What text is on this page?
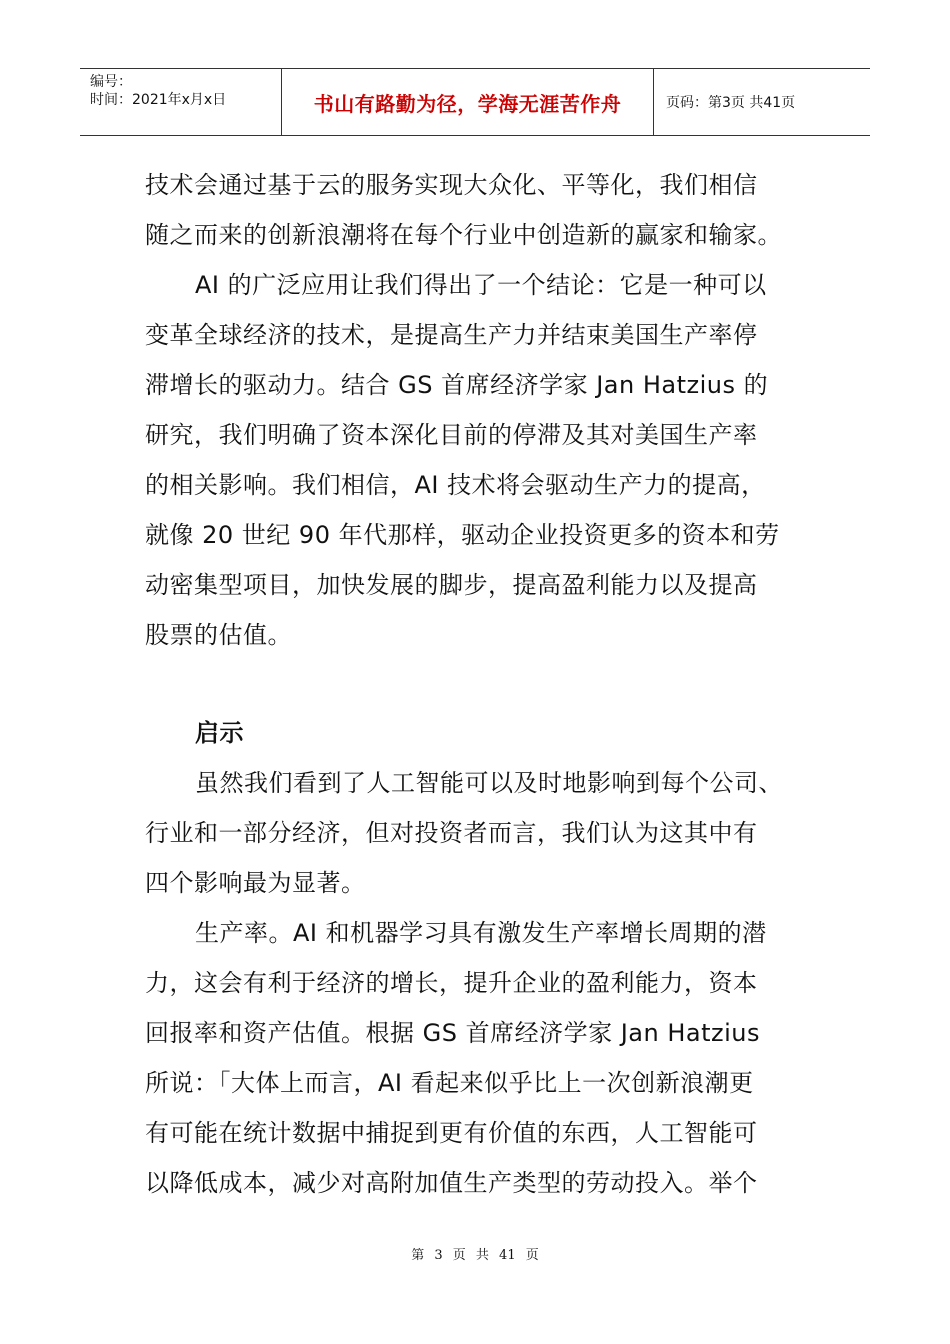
编号：
时间：2021年x月x日	书山有路勤为径，学海无涯苦作舟	页码：第3页 共41页
技术会通过基于云的服务实现大众化、平等化，我们相信
随之而来的创新浪潮将在每个行业中创造新的赢家和输家。
AI 的广泛应用让我们得出了一个结论：它是一种可以
变革全球经济的技术，是提高生产力并结束美国生产率停
滞增长的驱动力。结合 GS 首席经济学家 Jan Hatzius 的
研究，我们明确了资本深化目前的停滞及其对美国生产率
的相关影响。我们相信，AI 技术将会驱动生产力的提高，
就像 20 世纪 90 年代那样，驱动企业投资更多的资本和劳
动密集型项目，加快发展的脚步，提高盈利能力以及提高
股票的估值。
启示
虽然我们看到了人工智能可以及时地影响到每个公司、
行业和一部分经济，但对投资者而言，我们认为这其中有
四个影响最为显著。
生产率。AI 和机器学习具有激发生产率增长周期的潜
力，这会有利于经济的增长，提升企业的盈利能力，资本
回报率和资产估值。根据 GS 首席经济学家 Jan Hatzius
所说：「大体上而言，AI 看起来似乎比上一次创新浪潮更
有可能在统计数据中捕捉到更有价值的东西，人工智能可
以降低成本，减少对高附加值生产类型的劳动投入。举个
第 3 页 共 41 页
